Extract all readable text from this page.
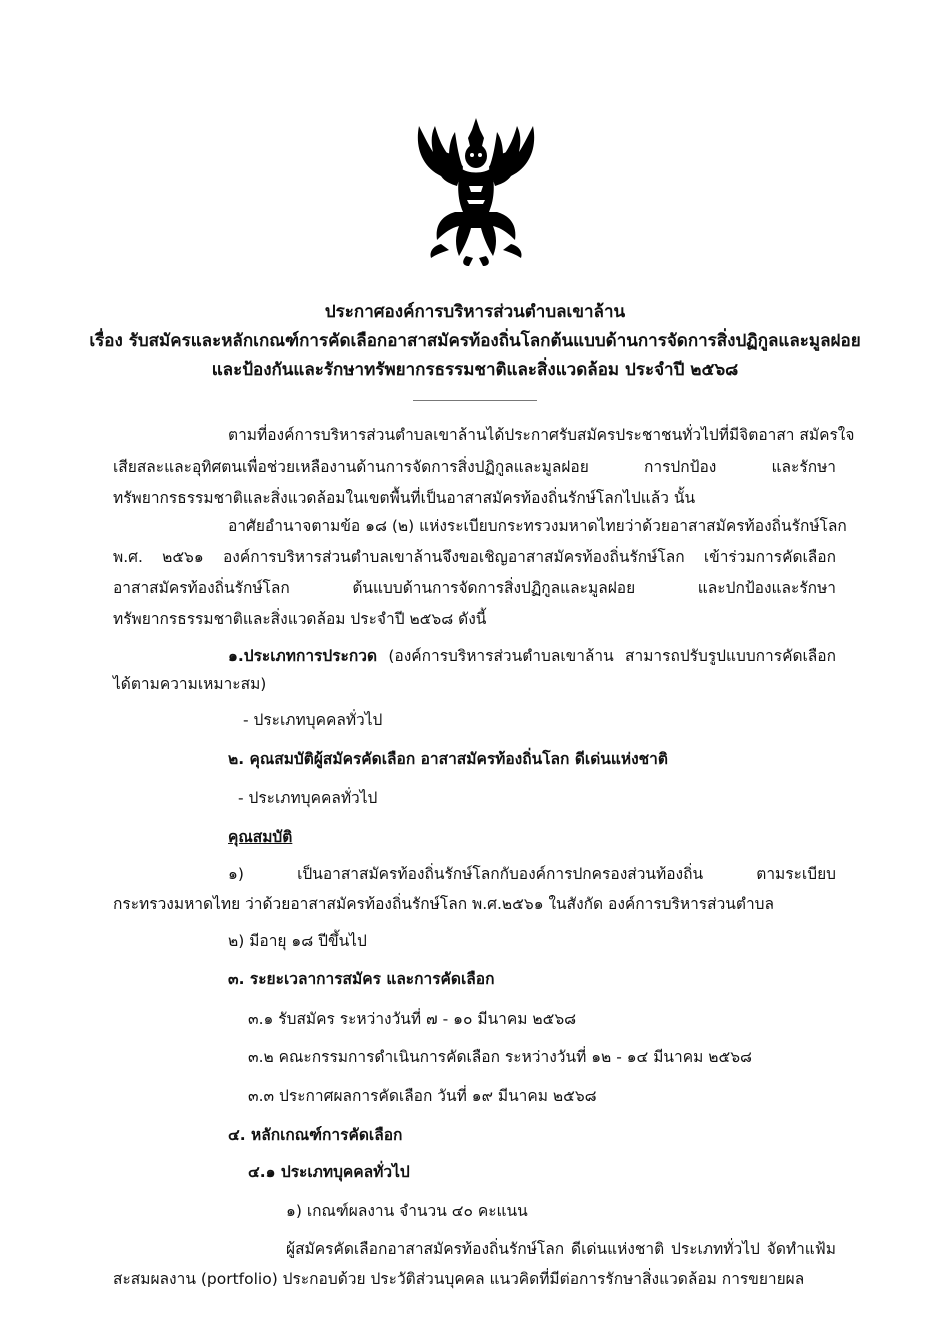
ประกาศองค์การบริหารส่วนตำบลเขาล้าน
เรื่อง รับสมัครและหลักเกณฑ์การคัดเลือกอาสาสมัครท้องถิ่นโลกต้นแบบด้านการจัดการสิ่งปฏิกูลและมูลฝอย
และป้องกันและรักษาทรัพยากรธรรมชาติและสิ่งแวดล้อม ประจำปี ๒๕๖๘
ตามที่องค์การบริหารส่วนตำบลเขาล้านได้ประกาศรับสมัครประชาชนทั่วไปที่มีจิตอาสา สมัครใจ
เสียสละและอุทิศตนเพื่อช่วยเหลืองานด้านการจัดการสิ่งปฏิกูลและมูลฝอย การปกป้อง และรักษา
ทรัพยากรธรรมชาติและสิ่งแวดล้อมในเขตพื้นที่เป็นอาสาสมัครท้องถิ่นรักษ์โลกไปแล้ว นั้น
อาศัยอำนาจตามข้อ ๑๘ (๒) แห่งระเบียบกระทรวงมหาดไทยว่าด้วยอาสาสมัครท้องถิ่นรักษ์โลก
พ.ศ. ๒๕๖๑ องค์การบริหารส่วนตำบลเขาล้านจึงขอเชิญอาสาสมัครท้องถิ่นรักษ์โลก เข้าร่วมการคัดเลือก
อาสาสมัครท้องถิ่นรักษ์โลก ต้นแบบด้านการจัดการสิ่งปฏิกูลและมูลฝอย และปกป้องและรักษา
ทรัพยากรธรรมชาติและสิ่งแวดล้อม ประจำปี ๒๕๖๘ ดังนี้
๑.ประเภทการประกวด (องค์การบริหารส่วนตำบลเขาล้าน สามารถปรับรูปแบบการคัดเลือก
ได้ตามความเหมาะสม)
- ประเภทบุคคลทั่วไป
๒. คุณสมบัติผู้สมัครคัดเลือก อาสาสมัครท้องถิ่นโลก ดีเด่นแห่งชาติ
- ประเภทบุคคลทั่วไป
คุณสมบัติ
๑) เป็นอาสาสมัครท้องถิ่นรักษ์โลกกับองค์การปกครองส่วนท้องถิ่น ตามระเบียบ
กระทรวงมหาดไทย ว่าด้วยอาสาสมัครท้องถิ่นรักษ์โลก พ.ศ.๒๕๖๑ ในสังกัด องค์การบริหารส่วนตำบล
๒) มีอายุ ๑๘ ปีขึ้นไป
๓. ระยะเวลาการสมัคร และการคัดเลือก
๓.๑ รับสมัคร ระหว่างวันที่ ๗ - ๑๐ มีนาคม ๒๕๖๘
๓.๒ คณะกรรมการดำเนินการคัดเลือก ระหว่างวันที่ ๑๒ - ๑๔ มีนาคม ๒๕๖๘
๓.๓ ประกาศผลการคัดเลือก วันที่ ๑๙ มีนาคม ๒๕๖๘
๔. หลักเกณฑ์การคัดเลือก
๔.๑ ประเภทบุคคลทั่วไป
๑) เกณฑ์ผลงาน จำนวน ๔๐ คะแนน
ผู้สมัครคัดเลือกอาสาสมัครท้องถิ่นรักษ์โลก ดีเด่นแห่งชาติ ประเภททั่วไป จัดทำแฟ้ม
สะสมผลงาน (portfolio) ประกอบด้วย ประวัติส่วนบุคคล แนวคิดที่มีต่อการรักษาสิ่งแวดล้อม การขยายผล
